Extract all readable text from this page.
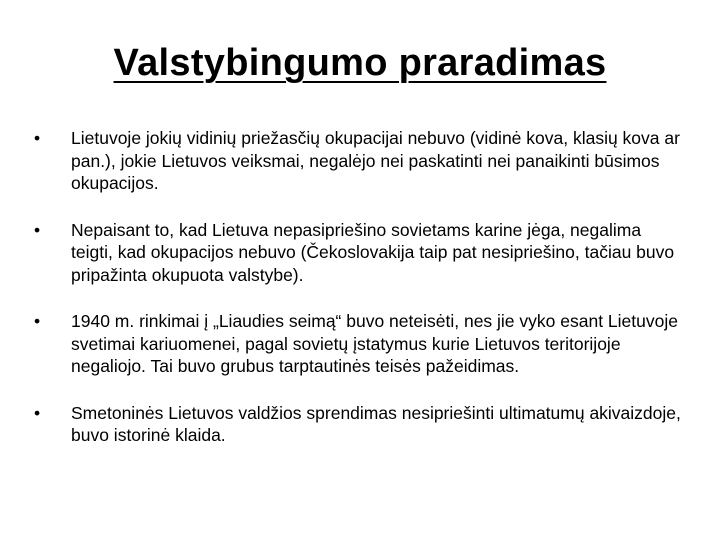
Valstybingumo praradimas
•	Lietuvoje jokių vidinių priežasčių okupacijai nebuvo (vidinė kova, klasių kova ar pan.), jokie Lietuvos veiksmai, negalėjo nei paskatinti nei panaikinti būsimos okupacijos.
•	Nepaisant to, kad Lietuva nepasipriešino sovietams karine jėga, negalima teigti, kad okupacijos nebuvo (Čekoslovakija taip pat nesipriešino, tačiau buvo pripažinta okupuota valstybe).
•	1940 m. rinkimai į „Liaudies seimą“ buvo neteisėti, nes jie vyko esant Lietuvoje svetimai kariuomenei, pagal sovietų įstatymus kurie Lietuvos teritorijoje negaliojo. Tai buvo grubus tarptautinės teisės pažeidimas.
•	Smetoninės Lietuvos valdžios sprendimas nesipriešinti ultimatumų akivaizdoje, buvo istorinė klaida.
